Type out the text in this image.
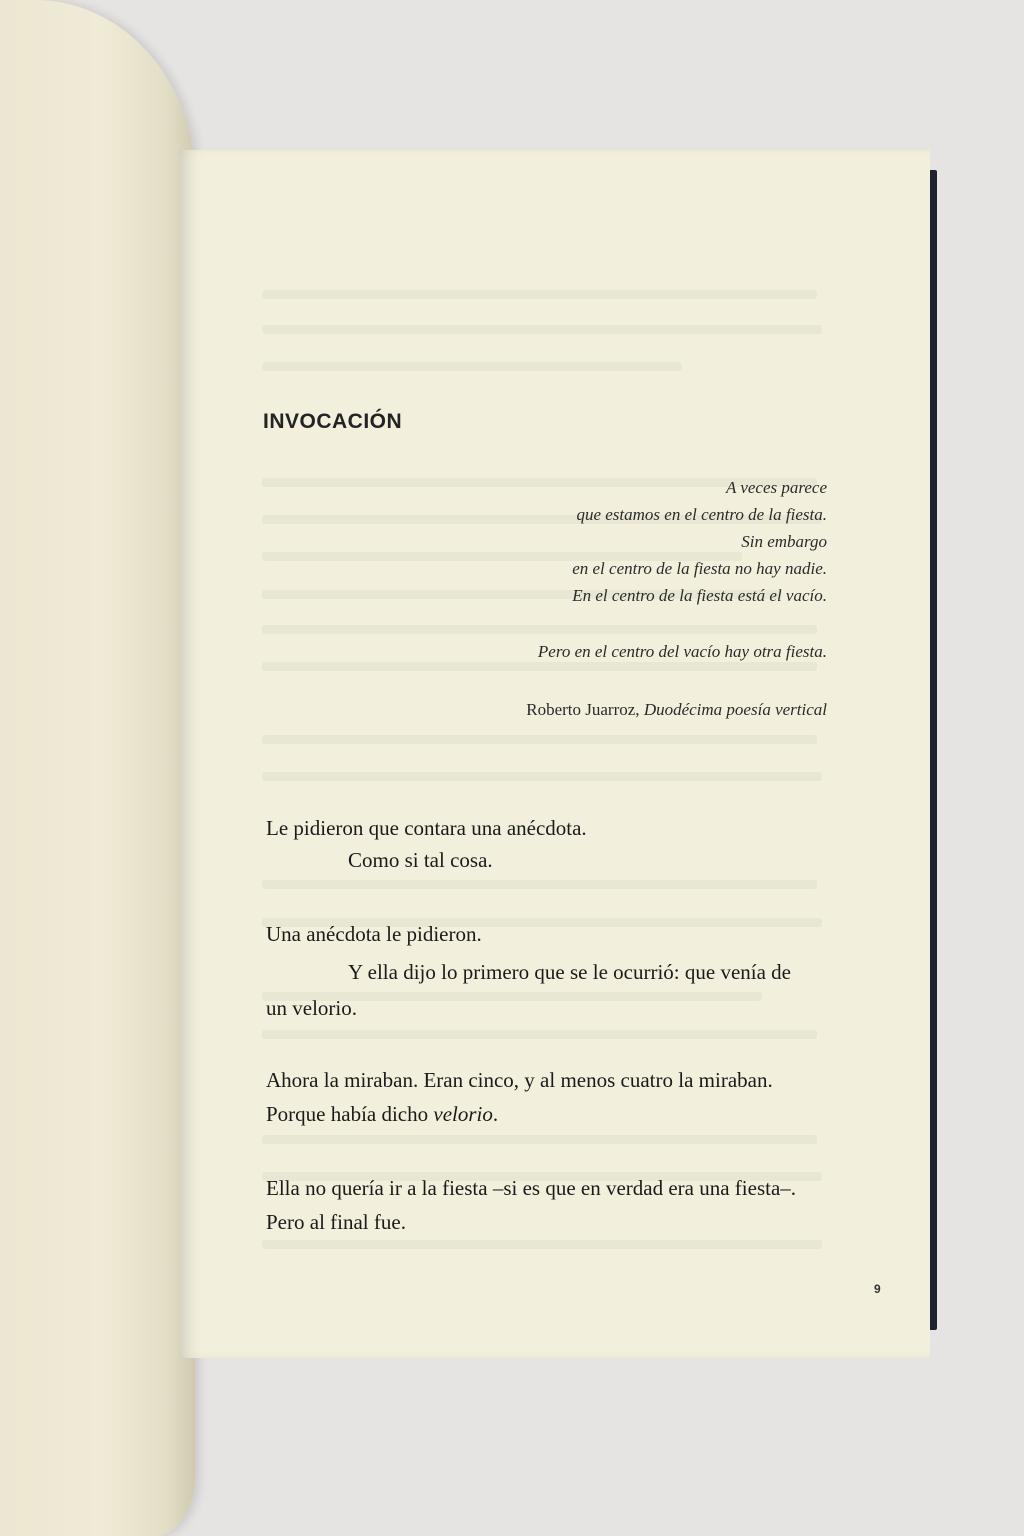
INVOCACIÓN
A veces parece
que estamos en el centro de la fiesta.
Sin embargo
en el centro de la fiesta no hay nadie.
En el centro de la fiesta está el vacío.
Pero en el centro del vacío hay otra fiesta.
Roberto Juarroz, Duodécima poesía vertical
Le pidieron que contara una anécdota.
Como si tal cosa.
Una anécdota le pidieron.
Y ella dijo lo primero que se le ocurrió: que venía de
un velorio.
Ahora la miraban. Eran cinco, y al menos cuatro la miraban.
Porque había dicho velorio.
Ella no quería ir a la fiesta –si es que en verdad era una fiesta–.
Pero al final fue.
9
